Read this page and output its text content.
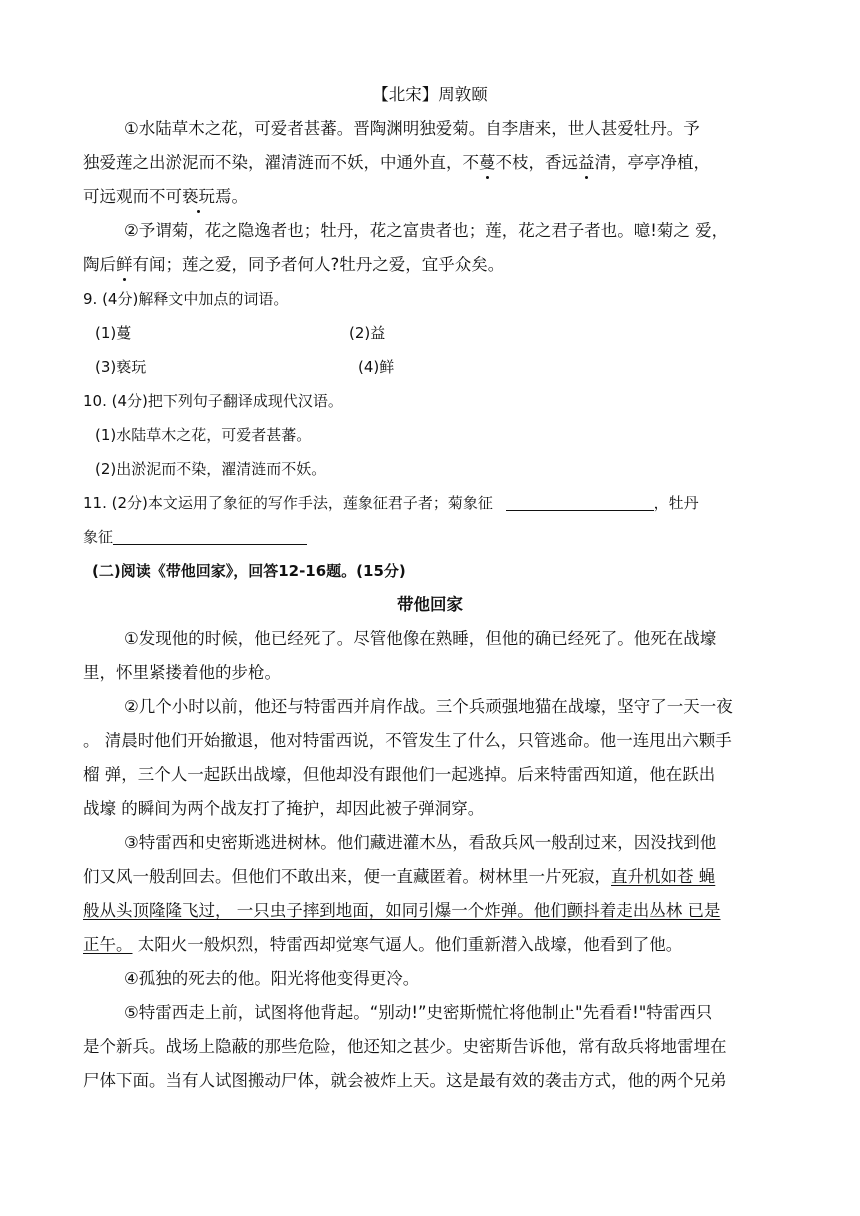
【北宋】周敦颐
①水陆草木之花，可爱者甚蕃。晋陶渊明独爱菊。自李唐来，世人甚爱牡丹。予
独爱莲之出淤泥而不染，濯清涟而不妖，中通外直，不蔓不枝，香远益清，亭亭净植，
可远观而不可亵玩焉。
②予谓菊，花之隐逸者也；牡丹，花之富贵者也；莲，花之君子者也。噫!菊之 爱，
陶后鲜有闻；莲之爱，同予者何人?牡丹之爱，宜乎众矣。
9. (4分)解释文中加点的词语。
(1)蔓	(2)益
(3)亵玩	(4)鲜
10. (4分)把下列句子翻译成现代汉语。
(1)水陆草木之花，可爱者甚蕃。
(2)出淤泥而不染，濯清涟而不妖。
11. (2分)本文运用了象征的写作手法，莲象征君子者；菊象征	，牡丹
象征
(二)阅读《带他回家》，回答12-16题。(15分)
带他回家
①发现他的时候，他已经死了。尽管他像在熟睡，但他的确已经死了。他死在战壕
里，怀里紧搂着他的步枪。
②几个小时以前，他还与特雷西并肩作战。三个兵顽强地猫在战壕，坚守了一天一夜
。 清晨时他们开始撤退，他对特雷西说，不管发生了什么，只管逃命。他一连甩出六颗手
榴 弹，三个人一起跃出战壕，但他却没有跟他们一起逃掉。后来特雷西知道，他在跃出
战壕 的瞬间为两个战友打了掩护，却因此被子弹洞穿。
③特雷西和史密斯逃进树林。他们藏进灌木丛，看敌兵风一般刮过来，因没找到他
们又风一般刮回去。但他们不敢出来，便一直藏匿着。树林里一片死寂，直升机如苍 蝇
般从头顶隆隆飞过， 一只虫子摔到地面，如同引爆一个炸弹。他们颤抖着走出丛林 已是
正午。 太阳火一般炽烈，特雷西却觉寒气逼人。他们重新潜入战壕，他看到了他。
④孤独的死去的他。阳光将他变得更冷。
⑤特雷西走上前，试图将他背起。“别动!”史密斯慌忙将他制止"先看看!"特雷西只
是个新兵。战场上隐蔽的那些危险，他还知之甚少。史密斯告诉他，常有敌兵将地雷埋在
尸体下面。当有人试图搬动尸体，就会被炸上天。这是最有效的袭击方式，他的两个兄弟
